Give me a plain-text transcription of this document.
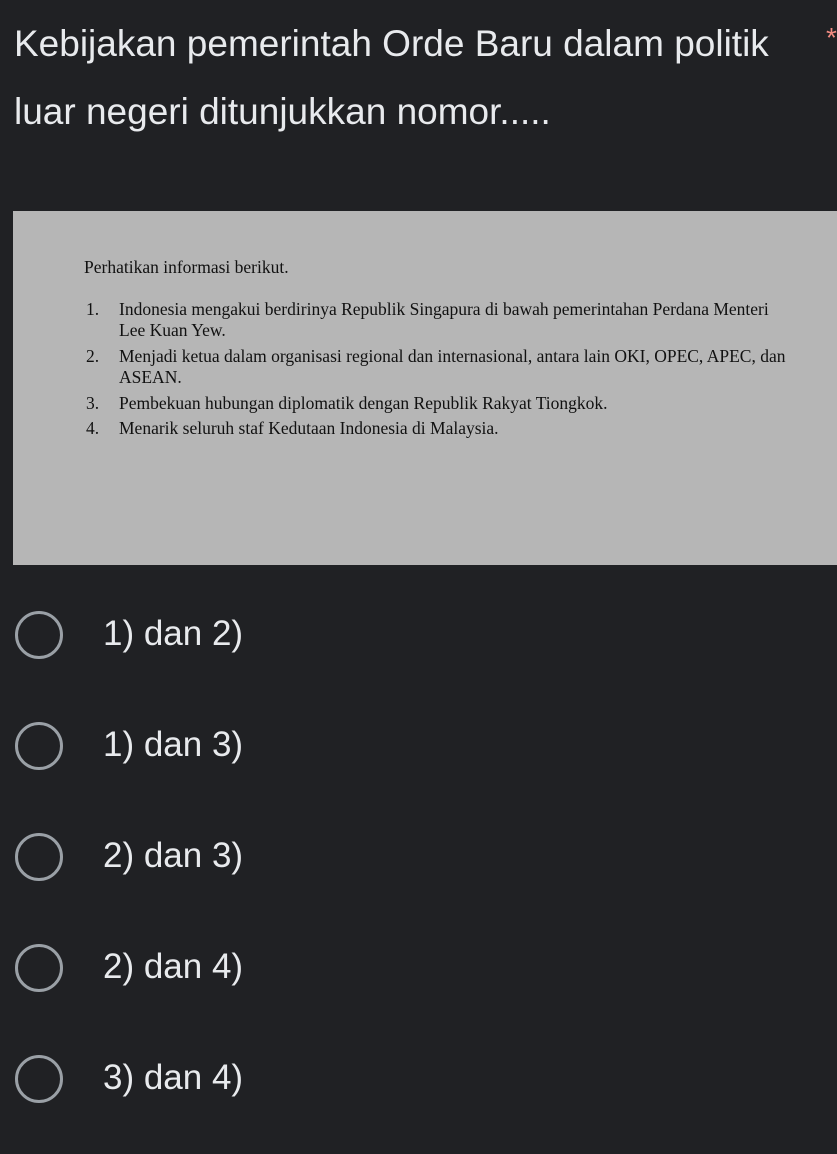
Kebijakan pemerintah Orde Baru dalam politik luar negeri ditunjukkan nomor.....
*

Perhatikan informasi berikut.

1.	Indonesia mengakui berdirinya Republik Singapura di bawah pemerintahan Perdana Menteri Lee Kuan Yew.
2.	Menjadi ketua dalam organisasi regional dan internasional, antara lain OKI, OPEC, APEC, dan ASEAN.
3.	Pembekuan hubungan diplomatik dengan Republik Rakyat Tiongkok.
4.	Menarik seluruh staf Kedutaan Indonesia di Malaysia.
1) dan 2)
1) dan 3)
2) dan 3)
2) dan 4)
3) dan 4)
